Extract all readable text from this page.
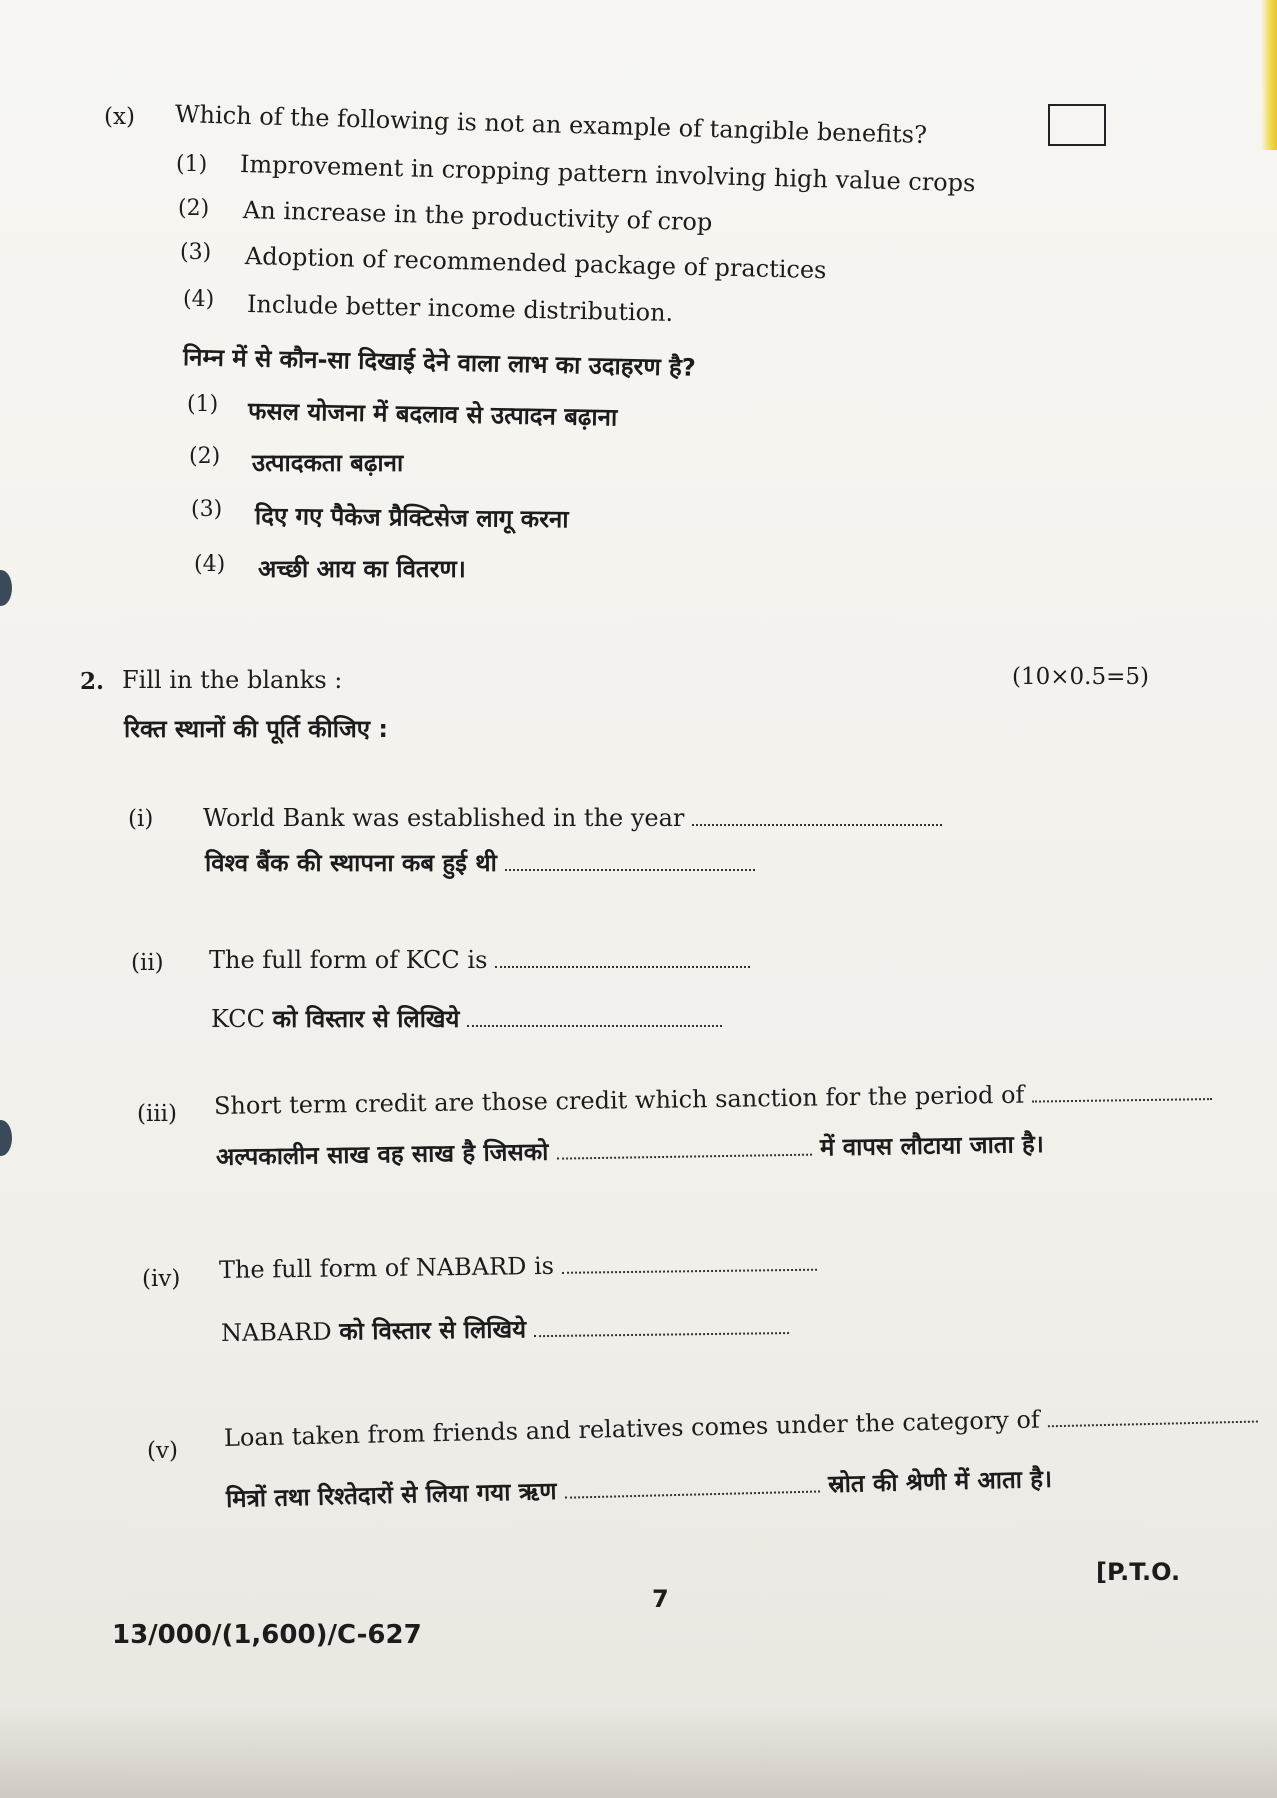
(x) Which of the following is not an example of tangible benefits?
(1) Improvement in cropping pattern involving high value crops
(2) An increase in the productivity of crop
(3) Adoption of recommended package of practices
(4) Include better income distribution.
निम्न में से कौन-सा दिखाई देने वाला लाभ का उदाहरण है?
(1) फसल योजना में बदलाव से उत्पादन बढ़ाना
(2) उत्पादकता बढ़ाना
(3) दिए गए पैकेज प्रैक्टिसेज लागू करना
(4) अच्छी आय का वितरण।
2. Fill in the blanks :	(10×0.5=5)
रिक्त स्थानों की पूर्ति कीजिए :
(i) World Bank was established in the year
विश्व बैंक की स्थापना कब हुई थी
(ii) The full form of KCC is
KCC को विस्तार से लिखिये
(iii) Short term credit are those credit which sanction for the period of
अल्पकालीन साख वह साख है जिसको	में वापस लौटाया जाता है।
(iv) The full form of NABARD is
NABARD को विस्तार से लिखिये
(v) Loan taken from friends and relatives comes under the category of
मित्रों तथा रिश्तेदारों से लिया गया ऋण	स्रोत की श्रेणी में आता है।
7
[P.T.O.
13/000/(1,600)/C-627
